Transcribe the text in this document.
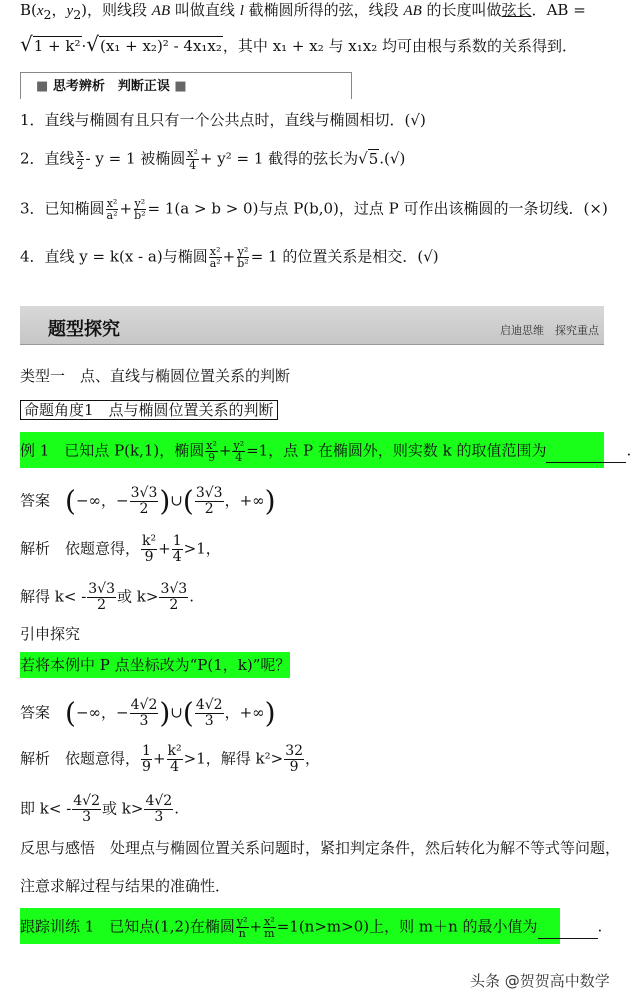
$B(x_2$，$y_2$)，则线段 AB 叫做直线 l 截椭圆所得的弦，线段 AB 的长度叫做弦长．AB =
√1 + k²·√(x₁ + x₂)² - 4x₁x₂，其中 x₁ + x₂ 与 x₁x₂ 均可由根与系数的关系得到．
■ 思考辨析　判断正误 ■
1．直线与椭圆有且只有一个公共点时，直线与椭圆相切．(√)
2．直线 $\frac{x}{2} - y = 1$ 被椭圆 $\frac{\text{x²}}{4} + y^2 = 1$ 截得的弦长为√5.(√)
3．已知椭圆 $\frac{\text{x²}}{\text{a²}} + \frac{\text{y²}}{\text{b²}} = 1(a > b > 0)$与点 P(b,0)，过点 P 可作出该椭圆的一条切线．(×)
4．直线 y = k(x - a)与椭圆 $\frac{\text{x²}}{\text{a²}} + \frac{\text{y²}}{\text{b²}} = 1$ 的位置关系是相交．(√)
题型探究	启迪思维　探究重点
类型一　点、直线与椭圆位置关系的判断
命题角度1　点与椭圆位置关系的判断
例 1　已知点 P(k,1)，椭圆 $\frac{\text{x²}}{9} + \frac{\text{y²}}{4} =1$，点 P 在椭圆外，则实数 k 的取值范围为	.
答案　 (−∞，− $\frac{3√3}{2}$ )∪( $\frac{3√3}{2}$ ，+∞)
解析　依题意得， $\frac{\text{k²}}{9} + \frac{1}{4} >1$，
解得 $k< - \frac{3√3}{2}$ 或 $k> \frac{3√3}{2}$ .
引申探究
若将本例中 P 点坐标改为“P(1，k)”呢？
答案　 (−∞，− $\frac{4√2}{3}$ )∪( $\frac{4√2}{3}$ ，+∞)
解析　依题意得， $\frac{1}{9} + \frac{\text{k²}}{4} >1$，解得 $k^2> \frac{32}{9}$ ，
即 $k< - \frac{4√2}{3}$ 或 $k> \frac{4√2}{3}$ .
反思与感悟　处理点与椭圆位置关系问题时，紧扣判定条件，然后转化为解不等式等问题，
注意求解过程与结果的准确性．
跟踪训练 1　已知点(1,2)在椭圆 $\frac{\text{y²}}{n} + \frac{\text{x²}}{m} =1(n>m>0)$上，则 m＋n 的最小值为	.
头条 @贺贺高中数学
